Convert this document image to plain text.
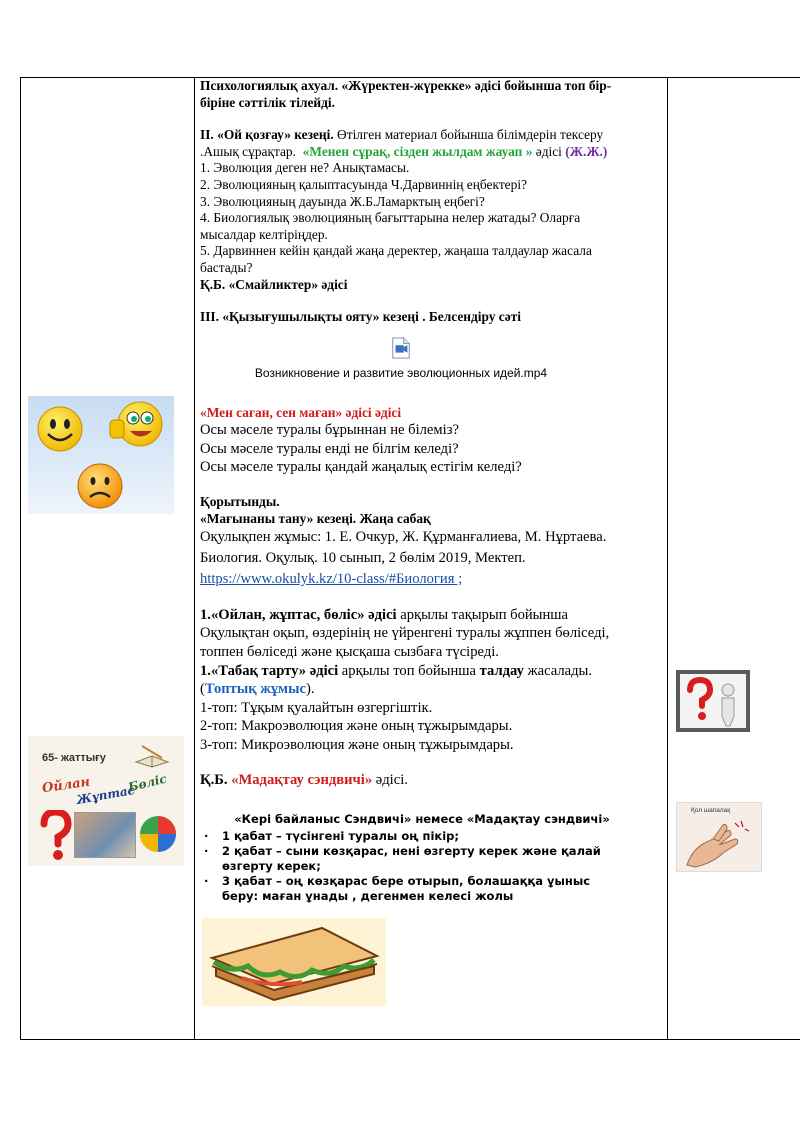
65- жаттығу
Ойлан
Жұптас
Бөліс

Психологиялық ахуал. «Жүректен-жүрекке» әдісі бойынша топ бір-

біріне сәттілік тілейді.

ІІ. «Ой қозғау» кезеңі. Өтілген материал бойынша білімдерін тексеру

.Ашық сұрақтар. «Менен сұрақ, сізден жылдам жауап » әдісі (Ж.Ж.)

1. Эволюция деген не? Анықтамасы.

2. Эволюцияның қалыптасуында Ч.Дарвиннің еңбектері?

3. Эволюцияның дауында Ж.Б.Ламарктың еңбегі?

4. Биологиялық эволюцияның бағыттарына нелер жатады? Оларға

мысалдар келтіріңдер.

5. Дарвиннен кейін қандай жаңа деректер, жаңаша талдаулар жасала

бастады?

Қ.Б. «Смайликтер» әдісі

ІІІ. «Қызығушылықты ояту» кезеңі . Белсендіру сәті

Возникновение и развитие эволюционных идей.mp4

«Мен саған, сен маған» әдісі әдісі

Осы мәселе туралы бұрыннан не білеміз?

Осы мәселе туралы енді не білгім келеді?

Осы мәселе туралы қандай жаңалық естігім келеді?

Қорытынды.

«Мағынаны тану» кезеңі. Жаңа сабақ

Оқулықпен жұмыс: 1. Е. Очкур, Ж. Құрманғалиева, М. Нұртаева.

Биология. Оқулық. 10 сынып, 2 бөлім 2019, Мектеп.

https://www.okulyk.kz/10-class/#Биология ;

1.«Ойлан, жұптас, бөліс» әдісі арқылы тақырып бойынша

Оқулықтан оқып, өздерінің не үйренгені туралы жұппен бөліседі,

топпен бөліседі және қысқаша сызбаға түсіреді.

1.«Табақ тарту» әдісі арқылы топ бойынша талдау жасалады.

(Топтық жұмыс).

1-топ: Тұқым қуалайтын өзгергіштік.

2-топ: Макроэволюция және оның тұжырымдары.

3-топ: Микроэволюция және оның тұжырымдары.

Қ.Б. «Мадақтау сэндвичі» әдісі.

«Кері байланыс Сэндвичі» немесе «Мадақтау сэндвичі»
· 1 қабат – түсінгені туралы оң пікір;
· 2 қабат – сыни көзқарас, нені өзгерту керек және қалай
өзгерту керек;
· 3 қабат – оң көзқарас бере отырып, болашаққа ұыныс
беру: маған ұнады , дегенмен келесі жолы
Қол шапалақ
